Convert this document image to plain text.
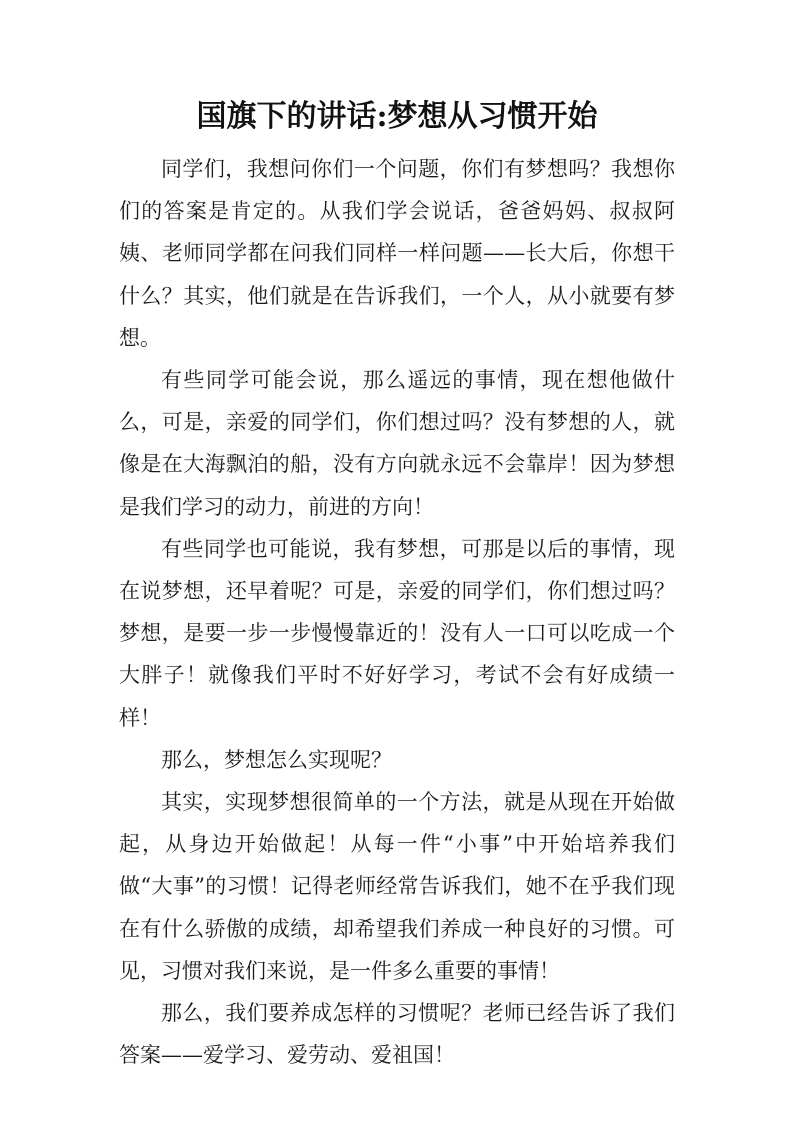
国旗下的讲话:梦想从习惯开始

同学们，我想问你们一个问题，你们有梦想吗？我想你们的答案是肯定的。从我们学会说话，爸爸妈妈、叔叔阿姨、老师同学都在问我们同样一样问题——长大后，你想干什么？其实，他们就是在告诉我们，一个人，从小就要有梦想。

有些同学可能会说，那么遥远的事情，现在想他做什么，可是，亲爱的同学们，你们想过吗？没有梦想的人，就像是在大海飘泊的船，没有方向就永远不会靠岸！因为梦想是我们学习的动力，前进的方向！

有些同学也可能说，我有梦想，可那是以后的事情，现在说梦想，还早着呢？可是，亲爱的同学们，你们想过吗？梦想，是要一步一步慢慢靠近的！没有人一口可以吃成一个大胖子！就像我们平时不好好学习，考试不会有好成绩一样！

那么，梦想怎么实现呢？

其实，实现梦想很简单的一个方法，就是从现在开始做起，从身边开始做起！从每一件“小事”中开始培养我们做“大事”的习惯！记得老师经常告诉我们，她不在乎我们现在有什么骄傲的成绩，却希望我们养成一种良好的习惯。可见，习惯对我们来说，是一件多么重要的事情！

那么，我们要养成怎样的习惯呢？老师已经告诉了我们答案——爱学习、爱劳动、爱祖国！
